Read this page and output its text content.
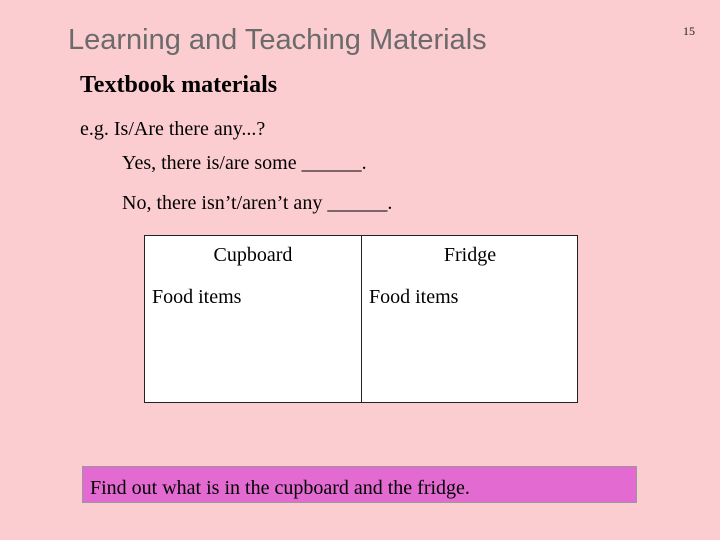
15
Learning and Teaching Materials
Textbook materials
e.g. Is/Are there any...?
Yes, there is/are some ______.
No, there isn’t/aren’t any ______.
Cupboard
Food items
Fridge
Food items
Find out what is in the cupboard and the fridge.
